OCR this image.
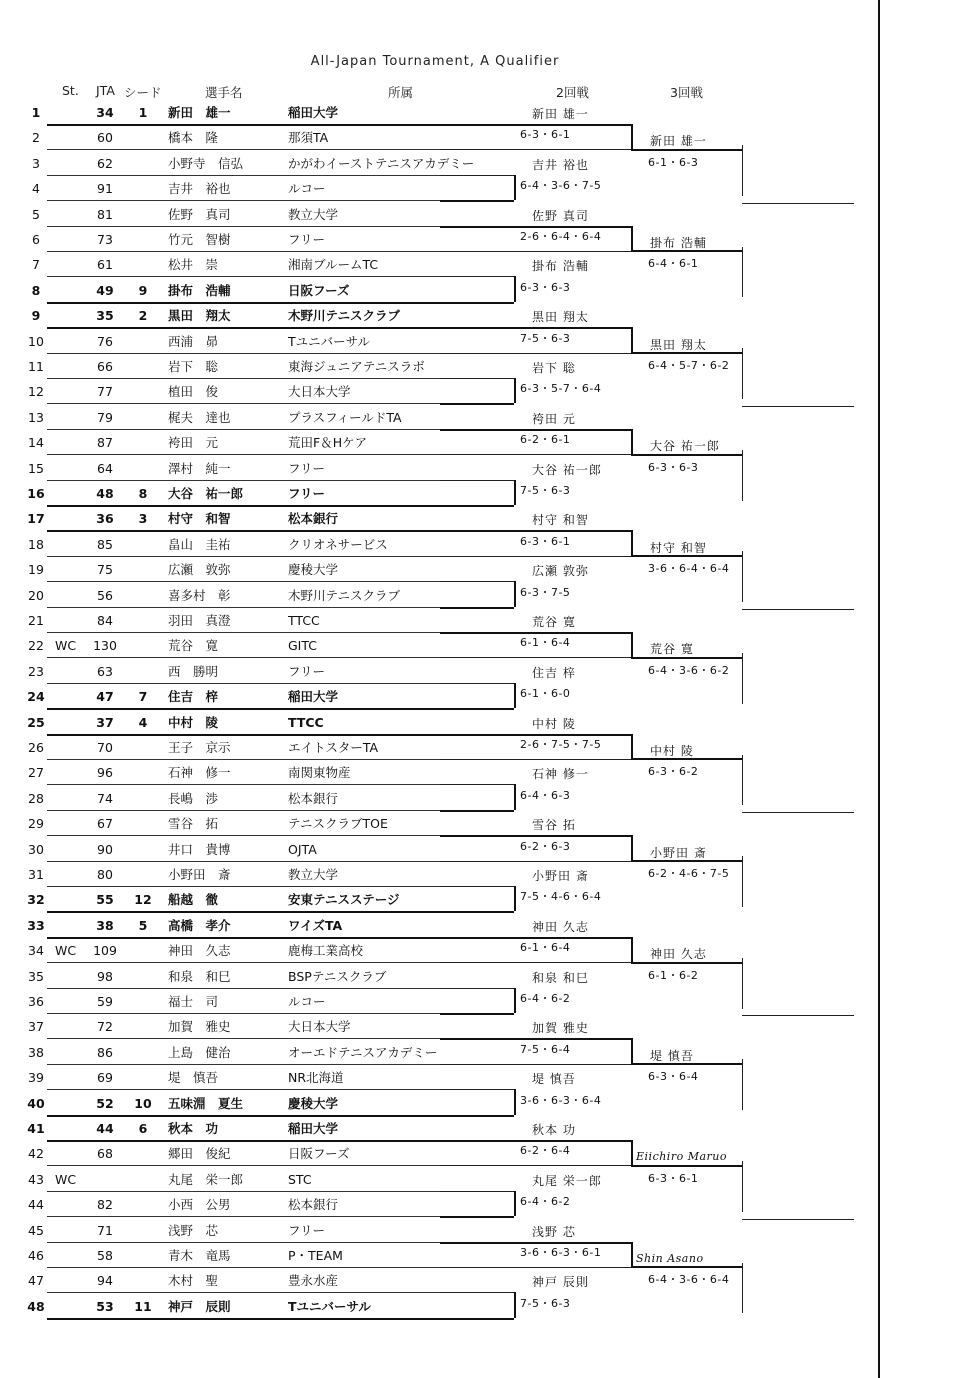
All-Japan Tournament, A Qualifier
St. JTA シード	選手名	所属	2回戦	3回戦
1	34	1	新田　雄一	稲田大学
2	60	橋本　隆	那須TA
3	62	小野寺　信弘	かがわイーストテニスアカデミー
4	91	吉井　裕也	ルコー
5	81	佐野　真司	教立大学
6	73	竹元　智樹	フリー
7	61	松井　崇	湘南ブルームTC
8	49	9	掛布　浩輔	日阪フーズ
9	35	2	黒田　翔太	木野川テニスクラブ
10	76	西浦　昴	Tユニバーサル
11	66	岩下　聡	東海ジュニアテニスラボ
12	77	植田　俊	大日本大学
13	79	梶夫　達也	プラスフィールドTA
14	87	袴田　元	荒田F＆Hケア
15	64	澤村　純一	フリー
16	48	8	大谷　祐一郎	フリー
17	36	3	村守　和智	松本銀行
18	85	畠山　圭祐	クリオネサービス
19	75	広瀬　敦弥	慶稜大学
20	56	喜多村　彰	木野川テニスクラブ
21	84	羽田　真澄	TTCC
22 WC	130	荒谷　寛	GITC
23	63	西　勝明	フリー
24	47	7	住吉　梓	稲田大学
25	37	4	中村　陵	TTCC
26	70	王子　京示	エイトスターTA
27	96	石神　修一	南関東物産
28	74	長嶋　渉	松本銀行
29	67	雪谷　拓	テニスクラブTOE
30	90	井口　貴博	OJTA
31	80	小野田　斎	教立大学
32	55	12	船越　徹	安東テニスステージ
33	38	5	高橋　孝介	ワイズTA
34 WC	109	神田　久志	鹿梅工業高校
35	98	和泉　和巳	BSPテニスクラブ
36	59	福士　司	ルコー
37	72	加賀　雅史	大日本大学
38	86	上島　健治	オーエドテニスアカデミー
39	69	堤　慎吾	NR北海道
40	52	10	五味淵　夏生	慶稜大学
41	44	6	秋本　功	稲田大学
42	68	郷田　俊紀	日阪フーズ
43 WC	丸尾　栄一郎	STC
44	82	小西　公男	松本銀行
45	71	浅野　芯	フリー
46	58	青木　竜馬	P・TEAM
47	94	木村　聖	豊永水産
48	53	11	神戸　辰則	Tユニバーサル
新田 雄一
6-3・6-1
吉井 裕也
6-4・3-6・7-5
佐野 真司
2-6・6-4・6-4
掛布 浩輔
6-3・6-3
黒田 翔太
7-5・6-3
岩下 聡
6-3・5-7・6-4
袴田 元
6-2・6-1
大谷 祐一郎
7-5・6-3
村守 和智
6-3・6-1
広瀬 敦弥
6-3・7-5
荒谷 寛
6-1・6-4
住吉 梓
6-1・6-0
中村 陵
2-6・7-5・7-5
石神 修一
6-4・6-3
雪谷 拓
6-2・6-3
小野田 斎
7-5・4-6・6-4
神田 久志
6-1・6-4
和泉 和巳
6-4・6-2
加賀 雅史
7-5・6-4
堤 慎吾
3-6・6-3・6-4
秋本 功
6-2・6-4
丸尾 栄一郎
6-4・6-2
浅野 芯
3-6・6-3・6-1
神戸 辰則
7-5・6-3
新田 雄一
6-1・6-3
掛布 浩輔
6-4・6-1
黒田 翔太
6-4・5-7・6-2
大谷 祐一郎
6-3・6-3
村守 和智
3-6・6-4・6-4
荒谷 寛
6-4・3-6・6-2
中村 陵
6-3・6-2
小野田 斎
6-2・4-6・7-5
神田 久志
6-1・6-2
堤 慎吾
6-3・6-4
Eiichiro Maruo
6-3・6-1
Shin Asano
6-4・3-6・6-4
